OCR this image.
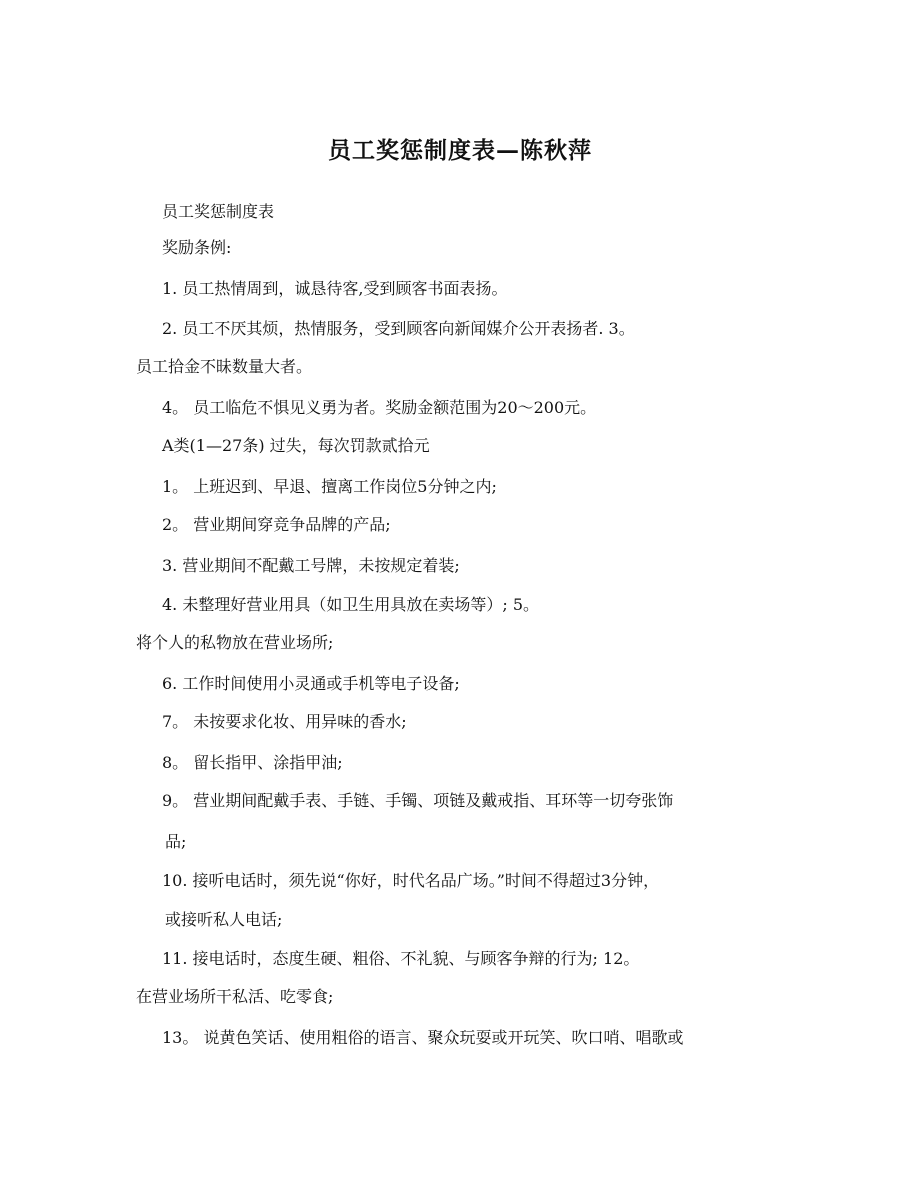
员工奖惩制度表—陈秋萍
员工奖惩制度表
奖励条例:
1. 员工热情周到，诚恳待客,受到顾客书面表扬。
2. 员工不厌其烦，热情服务，受到顾客向新闻媒介公开表扬者. 3。
员工拾金不昧数量大者。
4。 员工临危不惧见义勇为者。奖励金额范围为20～200元。
A类(1—27条) 过失，每次罚款贰拾元
1。 上班迟到、早退、擅离工作岗位5分钟之内;
2。 营业期间穿竞争品牌的产品;
3. 营业期间不配戴工号牌，未按规定着装;
4. 未整理好营业用具（如卫生用具放在卖场等）; 5。
将个人的私物放在营业场所;
6. 工作时间使用小灵通或手机等电子设备;
7。 未按要求化妆、用异味的香水;
8。 留长指甲、涂指甲油;
9。 营业期间配戴手表、手链、手镯、项链及戴戒指、耳环等一切夸张饰
品;
10. 接听电话时，须先说“你好，时代名品广场。”时间不得超过3分钟，
或接听私人电话;
11. 接电话时，态度生硬、粗俗、不礼貌、与顾客争辩的行为; 12。
在营业场所干私活、吃零食;
13。 说黄色笑话、使用粗俗的语言、聚众玩耍或开玩笑、吹口哨、唱歌或
